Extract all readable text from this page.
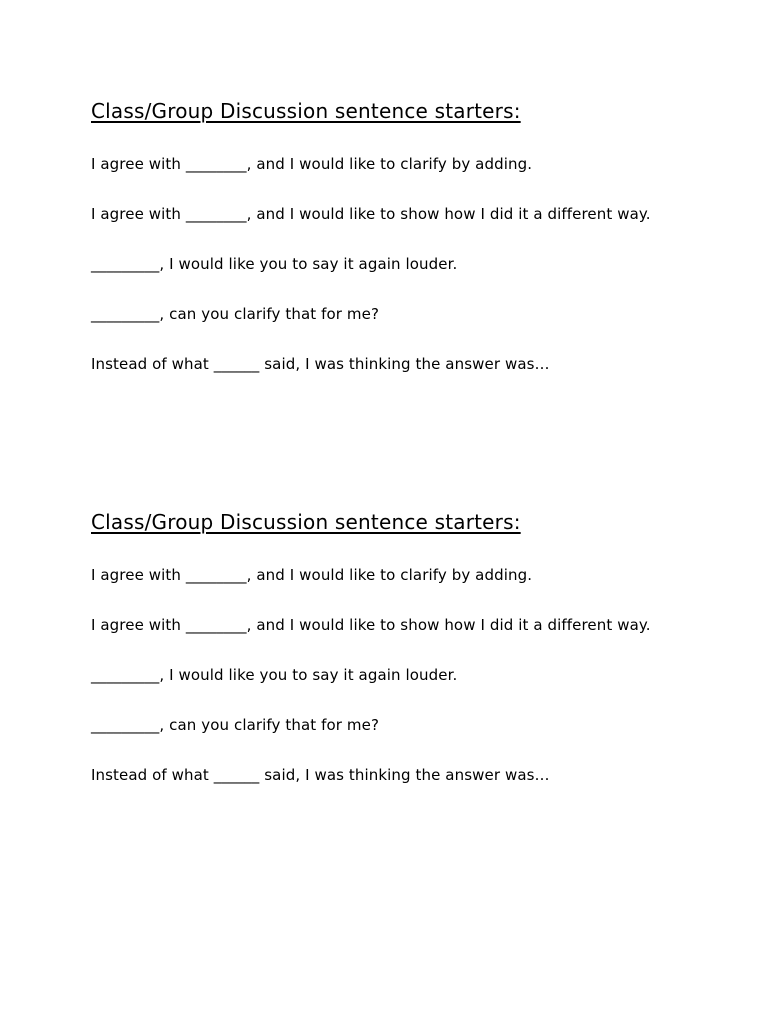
Class/Group Discussion sentence starters:

I agree with ________, and I would like to clarify by adding.

I agree with ________, and I would like to show how I did it a different way.

_________, I would like you to say it again louder.

_________, can you clarify that for me?

Instead of what ______ said, I was thinking the answer was…

Class/Group Discussion sentence starters:

I agree with ________, and I would like to clarify by adding.

I agree with ________, and I would like to show how I did it a different way.

_________, I would like you to say it again louder.

_________, can you clarify that for me?

Instead of what ______ said, I was thinking the answer was…
